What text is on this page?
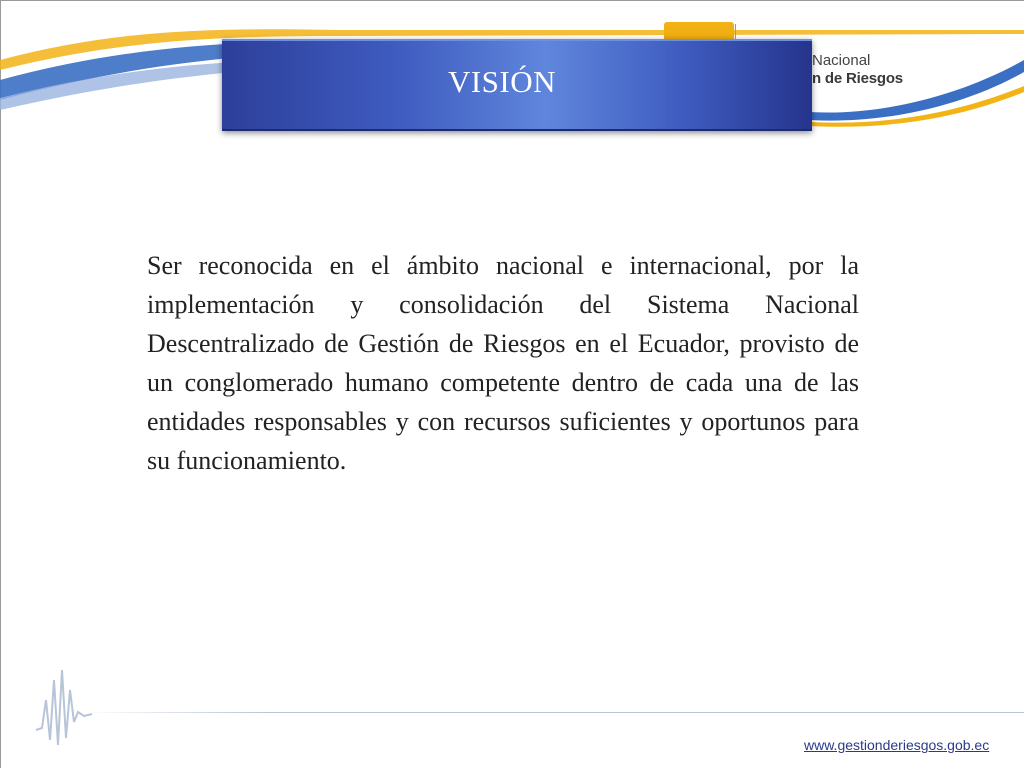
Nacional
n de Riesgos
VISIÓN

Ser reconocida en el ámbito nacional e internacional, por la implementación y consolidación del Sistema Nacional Descentralizado de Gestión de Riesgos en el Ecuador, provisto de un conglomerado humano competente dentro de cada una de las entidades responsables y con recursos suficientes y oportunos para su funcionamiento.

www.gestionderiesgos.gob.ec
